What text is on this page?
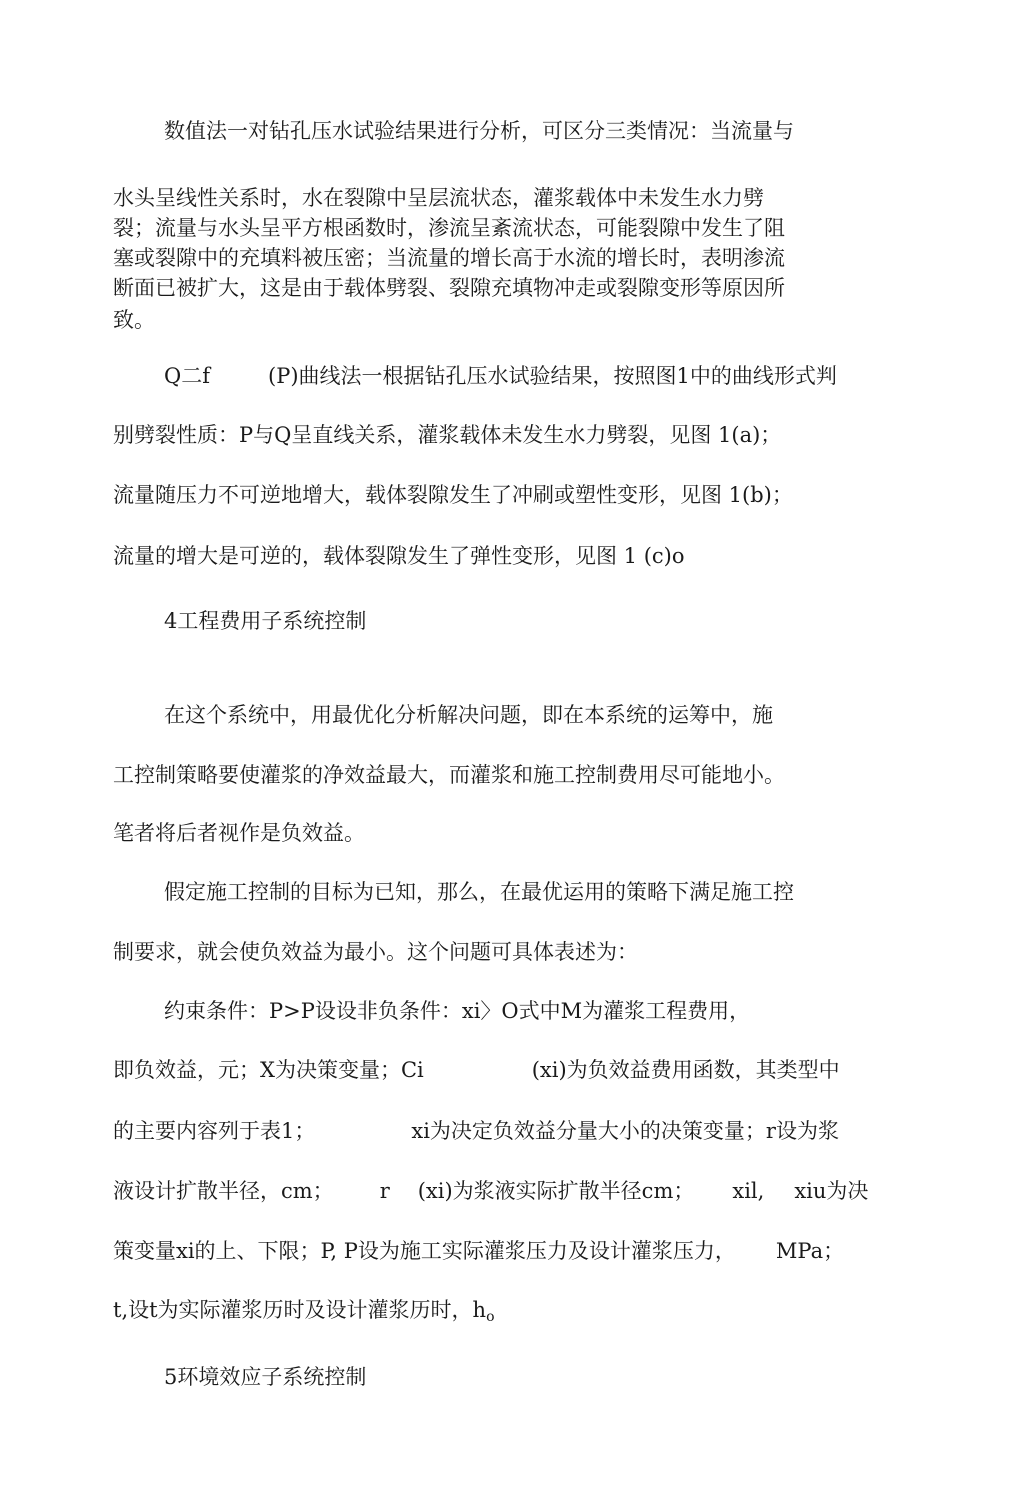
数值法一对钻孔压水试验结果进行分析，可区分三类情况：当流量与

水头呈线性关系时，水在裂隙中呈层流状态，灌浆载体中未发生水力劈

裂；流量与水头呈平方根函数时，渗流呈紊流状态，可能裂隙中发生了阻

塞或裂隙中的充填料被压密；当流量的增长高于水流的增长时，表明渗流

断面已被扩大，这是由于载体劈裂、裂隙充填物冲走或裂隙变形等原因所

致。

Q二f	(P)曲线法一根据钻孔压水试验结果，按照图1中的曲线形式判

别劈裂性质：P与Q呈直线关系，灌浆载体未发生水力劈裂，见图 1(a)；

流量随压力不可逆地增大，载体裂隙发生了冲刷或塑性变形，见图 1(b)；

流量的增大是可逆的，载体裂隙发生了弹性变形，见图 1 (c)o

4工程费用子系统控制

在这个系统中，用最优化分析解决问题，即在本系统的运筹中，施

工控制策略要使灌浆的净效益最大，而灌浆和施工控制费用尽可能地小。

笔者将后者视作是负效益。

假定施工控制的目标为已知，那么，在最优运用的策略下满足施工控

制要求，就会使负效益为最小。这个问题可具体表述为：

约束条件：P>P设设非负条件：xi〉O式中M为灌浆工程费用，

即负效益，元；X为决策变量；Ci	(xi)为负效益费用函数，其类型中

的主要内容列于表1；	xi为决定负效益分量大小的决策变量；r设为浆

液设计扩散半径，cm； r (xi)为浆液实际扩散半径cm； xil, xiu为决

策变量xi的上、下限；P, P设为施工实际灌浆压力及设计灌浆压力， MPa；

t,设t为实际灌浆历时及设计灌浆历时，$h_o$

5环境效应子系统控制
